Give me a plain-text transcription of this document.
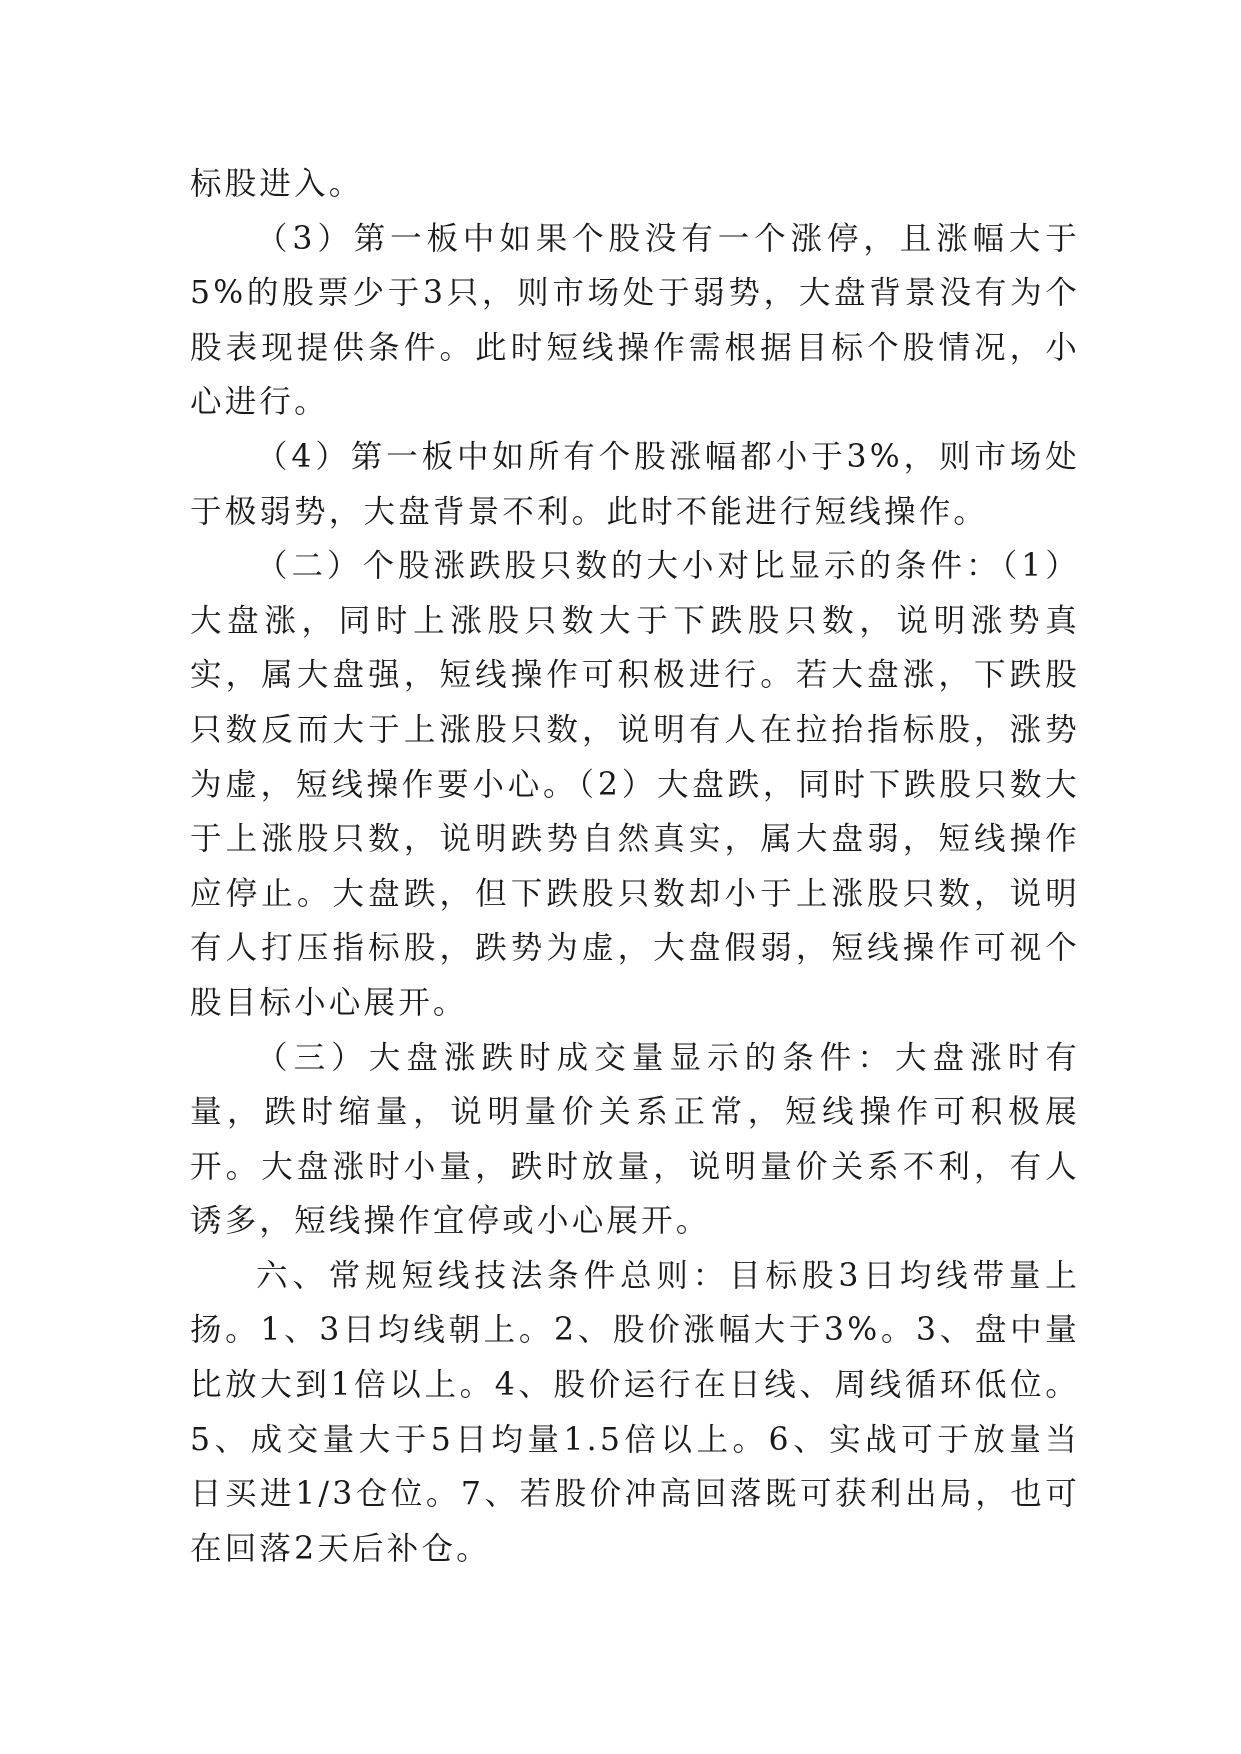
标股进入。

（3）第一板中如果个股没有一个涨停，且涨幅大于5%的股票少于3只，则市场处于弱势，大盘背景没有为个股表现提供条件。此时短线操作需根据目标个股情况，小心进行。

（4）第一板中如所有个股涨幅都小于3%，则市场处于极弱势，大盘背景不利。此时不能进行短线操作。

（二）个股涨跌股只数的大小对比显示的条件：（1）大盘涨，同时上涨股只数大于下跌股只数，说明涨势真实，属大盘强，短线操作可积极进行。若大盘涨，下跌股只数反而大于上涨股只数，说明有人在拉抬指标股，涨势为虚，短线操作要小心。（2）大盘跌，同时下跌股只数大于上涨股只数，说明跌势自然真实，属大盘弱，短线操作应停止。大盘跌，但下跌股只数却小于上涨股只数，说明有人打压指标股，跌势为虚，大盘假弱，短线操作可视个股目标小心展开。

（三）大盘涨跌时成交量显示的条件：大盘涨时有量，跌时缩量，说明量价关系正常，短线操作可积极展开。大盘涨时小量，跌时放量，说明量价关系不利，有人诱多，短线操作宜停或小心展开。

六、常规短线技法条件总则：目标股3日均线带量上扬。1、3日均线朝上。2、股价涨幅大于3%。3、盘中量比放大到1倍以上。4、股价运行在日线、周线循环低位。5、成交量大于5日均量1.5倍以上。6、实战可于放量当日买进1/3仓位。7、若股价冲高回落既可获利出局，也可在回落2天后补仓。
